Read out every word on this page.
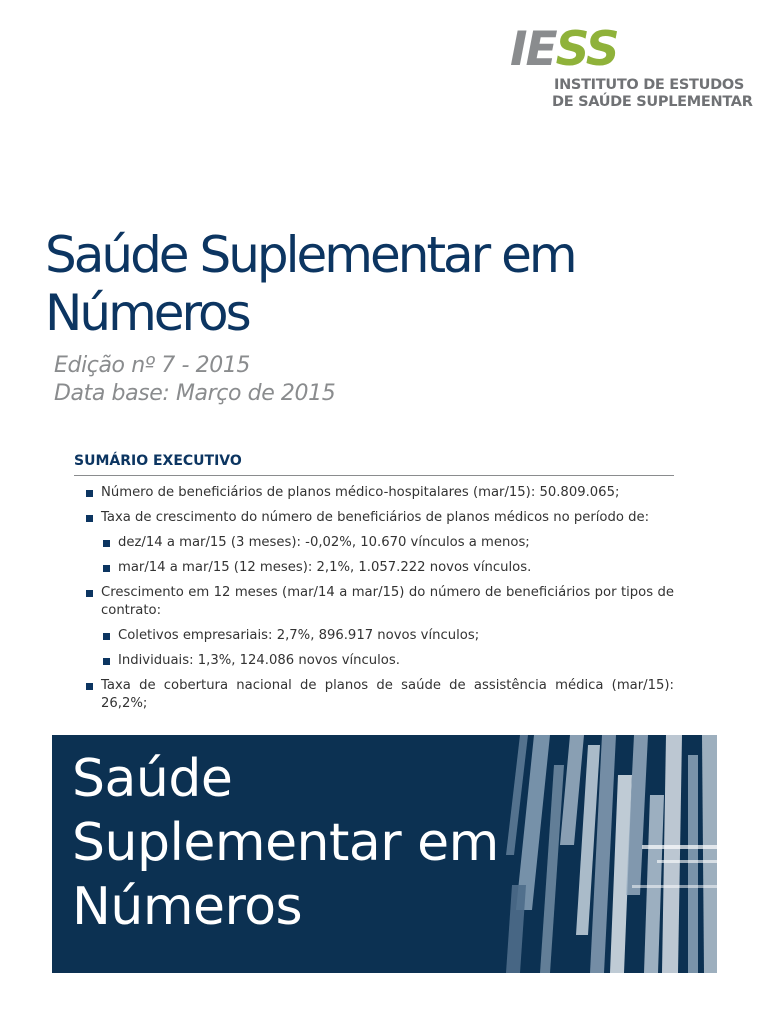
IESS
INSTITUTO DE ESTUDOS
DE SAÚDE SUPLEMENTAR
Saúde Suplementar em
Números
Edição nº 7 - 2015
Data base: Março de 2015
SUMÁRIO EXECUTIVO
Número de beneficiários de planos médico-hospitalares (mar/15): 50.809.065;
Taxa de crescimento do número de beneficiários de planos médicos no período de:
dez/14 a mar/15 (3 meses): -0,02%, 10.670 vínculos a menos;
mar/14 a mar/15 (12 meses): 2,1%, 1.057.222 novos vínculos.
Crescimento em 12 meses (mar/14 a mar/15) do número de beneficiários por tipos de contrato:
Coletivos empresariais: 2,7%, 896.917 novos vínculos;
Individuais: 1,3%, 124.086 novos vínculos.
Taxa de cobertura nacional de planos de saúde de assistência médica (mar/15): 26,2%;
Saúde
Suplementar em
Números
